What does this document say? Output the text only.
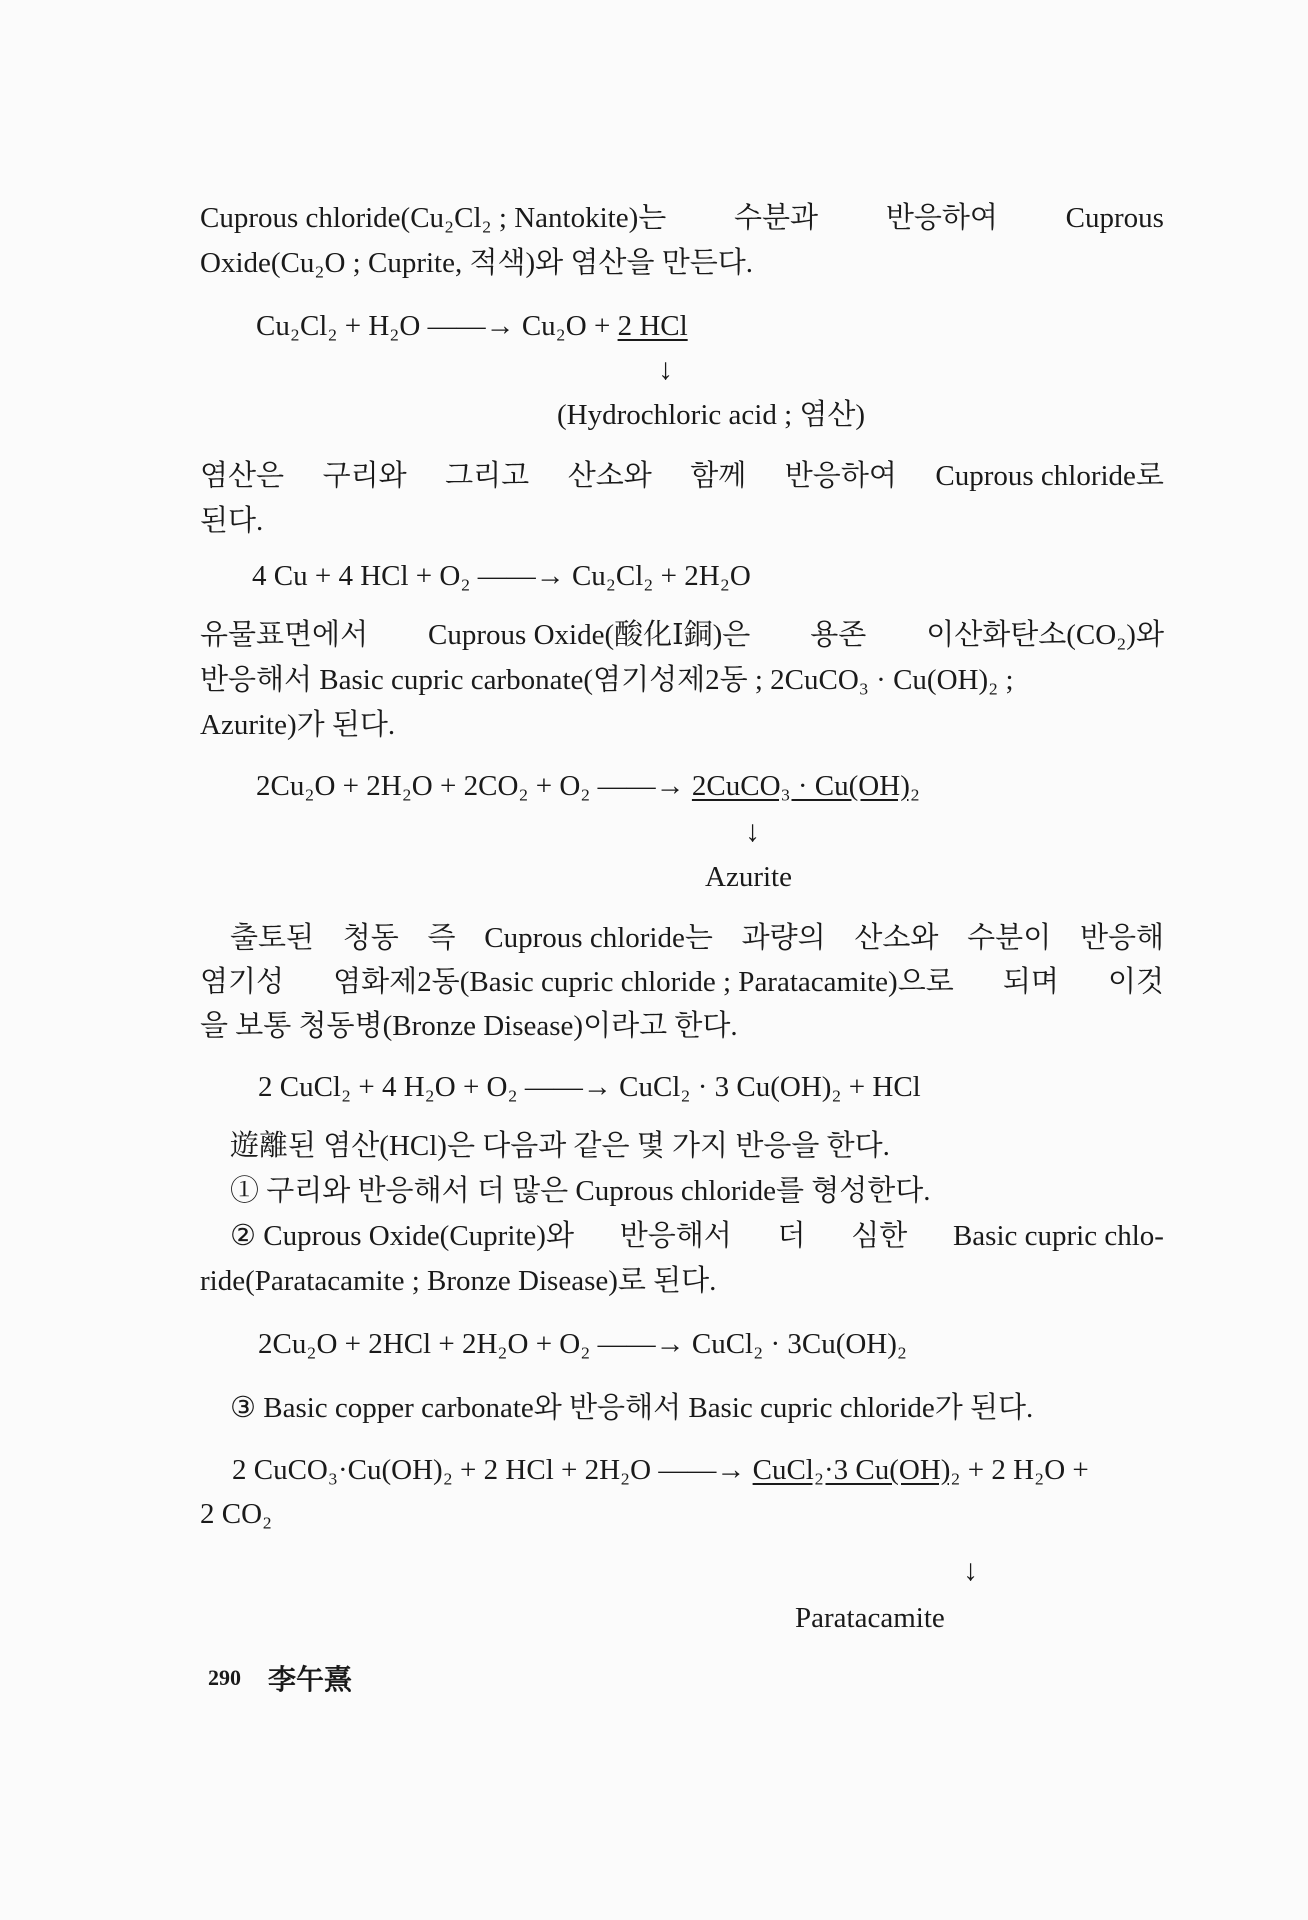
Cuprous chloride(Cu₂Cl₂ ; Nantokite)는 수분과 반응하여 Cuprous
Oxide(Cu₂O ; Cuprite, 적색)와 염산을 만든다.
Cu₂Cl₂ + H₂O ——→ Cu₂O + 2 HCl
↓
(Hydrochloric acid ; 염산)
염산은 구리와 그리고 산소와 함께 반응하여 Cuprous chloride로
된다.
4 Cu + 4 HCl + O₂ ——→ Cu₂Cl₂ + 2H₂O
유물표면에서 Cuprous Oxide(酸化Ⅰ銅)은 용존 이산화탄소(CO₂)와
반응해서 Basic cupric carbonate(염기성제2동 ; 2CuCO₃ · Cu(OH)₂ ;
Azurite)가 된다.
2Cu₂O + 2H₂O + 2CO₂ + O₂ ——→ 2CuCO₃ · Cu(OH)₂
↓
Azurite
출토된 청동 즉 Cuprous chloride는 과량의 산소와 수분이 반응해
염기성 염화제2동(Basic cupric chloride ; Paratacamite)으로 되며 이것
을 보통 청동병(Bronze Disease)이라고 한다.
2 CuCl₂ + 4 H₂O + O₂ ——→ CuCl₂ · 3 Cu(OH)₂ + HCl
遊離된 염산(HCl)은 다음과 같은 몇 가지 반응을 한다.
① 구리와 반응해서 더 많은 Cuprous chloride를 형성한다.
② Cuprous Oxide(Cuprite)와 반응해서 더 심한 Basic cupric chlo-
ride(Paratacamite ; Bronze Disease)로 된다.
2Cu₂O + 2HCl + 2H₂O + O₂ ——→ CuCl₂ · 3Cu(OH)₂
③ Basic copper carbonate와 반응해서 Basic cupric chloride가 된다.
2 CuCO₃·Cu(OH)₂ + 2 HCl + 2H₂O ——→ CuCl₂·3 Cu(OH)₂ + 2 H₂O +
2 CO₂
↓
Paratacamite
290 李午熹
